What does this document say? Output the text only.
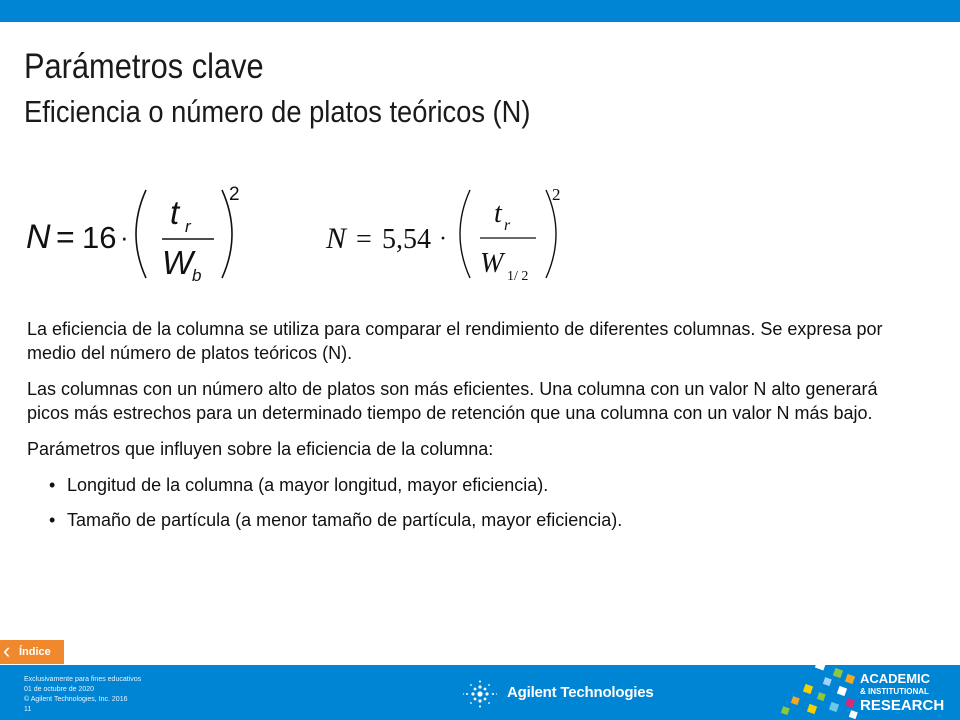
Parámetros clave
Eficiencia o número de platos teóricos (N)
N = 16 ·
t r
W
b
2
N = 5,54 ·
t r
W 1/ 2
2

La eficiencia de la columna se utiliza para comparar el rendimiento de diferentes columnas. Se expresa por medio del número de platos teóricos (N).

Las columnas con un número alto de platos son más eficientes. Una columna con un valor N alto generará picos más estrechos para un determinado tiempo de retención que una columna con un valor N más bajo.

Parámetros que influyen sobre la eficiencia de la columna:

• Longitud de la columna (a mayor longitud, mayor eficiencia).
• Tamaño de partícula (a menor tamaño de partícula, mayor eficiencia).
‹ Índice
Exclusivamente para fines educativos
01 de octubre de 2020
© Agilent Technologies, Inc. 2016
11
Agilent Technologies
ACADEMIC
& INSTITUTIONAL
RESEARCH
